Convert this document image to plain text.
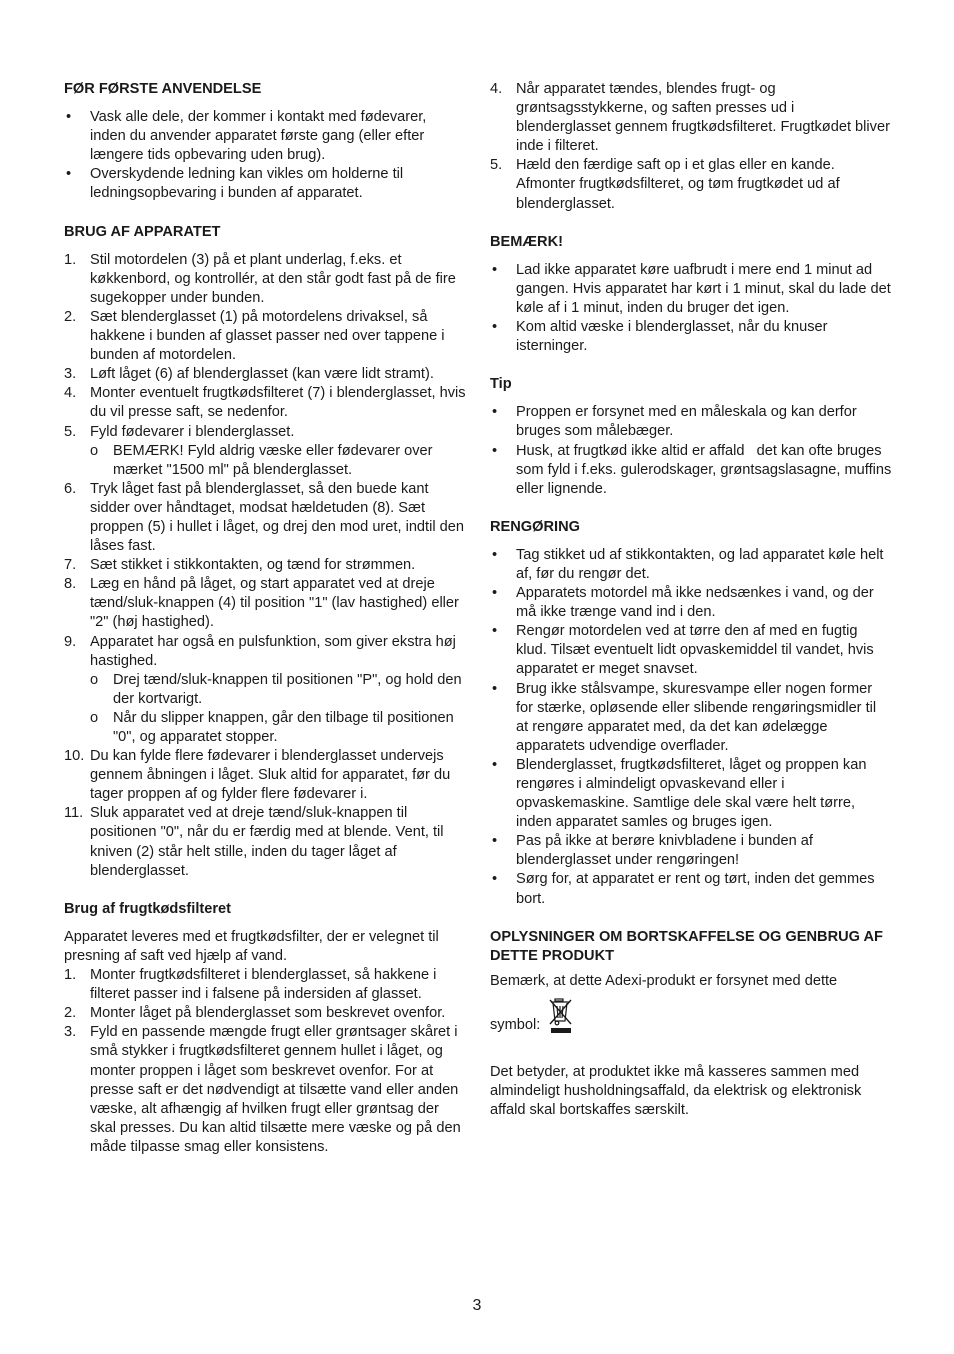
FØR FØRSTE ANVENDELSE

• Vask alle dele, der kommer i kontakt med fødevarer, inden du anvender apparatet første gang (eller efter længere tids opbevaring uden brug).

• Overskydende ledning kan vikles om holderne til ledningsopbevaring i bunden af apparatet.

BRUG AF APPARATET

1. Stil motordelen (3) på et plant underlag, f.eks. et køkkenbord, og kontrollér, at den står godt fast på de fire sugekopper under bunden.

2. Sæt blenderglasset (1) på motordelens drivaksel, så hakkene i bunden af glasset passer ned over tappene i bunden af motordelen.

3. Løft låget (6) af blenderglasset (kan være lidt stramt).

4. Monter eventuelt frugtkødsfilteret (7) i blenderglasset, hvis du vil presse saft, se nedenfor.

5. Fyld fødevarer i blenderglasset.

o BEMÆRK! Fyld aldrig væske eller fødevarer over mærket "1500 ml" på blenderglasset.

6. Tryk låget fast på blenderglasset, så den buede kant sidder over håndtaget, modsat hældetuden (8). Sæt proppen (5) i hullet i låget, og drej den mod uret, indtil den låses fast.

7. Sæt stikket i stikkontakten, og tænd for strømmen.

8. Læg en hånd på låget, og start apparatet ved at dreje tænd/sluk-knappen (4) til position "1" (lav hastighed) eller "2" (høj hastighed).

9. Apparatet har også en pulsfunktion, som giver ekstra høj hastighed.

o Drej tænd/sluk-knappen til positionen "P", og hold den der kortvarigt.

o Når du slipper knappen, går den tilbage til positionen "0", og apparatet stopper.

10. Du kan fylde flere fødevarer i blenderglasset undervejs gennem åbningen i låget. Sluk altid for apparatet, før du tager proppen af og fylder flere fødevarer i.

11. Sluk apparatet ved at dreje tænd/sluk-knappen til positionen "0", når du er færdig med at blende. Vent, til kniven (2) står helt stille, inden du tager låget af blenderglasset.

Brug af frugtkødsfilteret

Apparatet leveres med et frugtkødsfilter, der er velegnet til presning af saft ved hjælp af vand.

1. Monter frugtkødsfilteret i blenderglasset, så hakkene i filteret passer ind i falsene på indersiden af glasset.

2. Monter låget på blenderglasset som beskrevet ovenfor.

3. Fyld en passende mængde frugt eller grøntsager skåret i små stykker i frugtkødsfilteret gennem hullet i låget, og monter proppen i låget som beskrevet ovenfor. For at presse saft er det nødvendigt at tilsætte vand eller anden væske, alt afhængig af hvilken frugt eller grøntsag der skal presses. Du kan altid tilsætte mere væske og på den måde tilpasse smag eller konsistens.

4. Når apparatet tændes, blendes frugt- og grøntsagsstykkerne, og saften presses ud i blenderglasset gennem frugtkødsfilteret. Frugtkødet bliver inde i filteret.

5. Hæld den færdige saft op i et glas eller en kande. Afmonter frugtkødsfilteret, og tøm frugtkødet ud af blenderglasset.

BEMÆRK!

• Lad ikke apparatet køre uafbrudt i mere end 1 minut ad gangen. Hvis apparatet har kørt i 1 minut, skal du lade det køle af i 1 minut, inden du bruger det igen.

• Kom altid væske i blenderglasset, når du knuser isterninger.

Tip

• Proppen er forsynet med en måleskala og kan derfor bruges som målebæger.

• Husk, at frugtkød ikke altid er affald   det kan ofte bruges som fyld i f.eks. gulerodskager, grøntsagslasagne, muffins eller lignende.

RENGØRING

• Tag stikket ud af stikkontakten, og lad apparatet køle helt af, før du rengør det.

• Apparatets motordel må ikke nedsænkes i vand, og der må ikke trænge vand ind i den.

• Rengør motordelen ved at tørre den af med en fugtig klud. Tilsæt eventuelt lidt opvaskemiddel til vandet, hvis apparatet er meget snavset.

• Brug ikke stålsvampe, skuresvampe eller nogen former for stærke, opløsende eller slibende rengøringsmidler til at rengøre apparatet med, da det kan ødelægge apparatets udvendige overflader.

• Blenderglasset, frugtkødsfilteret, låget og proppen kan rengøres i almindeligt opvaskevand eller i opvaskemaskine. Samtlige dele skal være helt tørre, inden apparatet samles og bruges igen.

• Pas på ikke at berøre knivbladene i bunden af blenderglasset under rengøringen!

• Sørg for, at apparatet er rent og tørt, inden det gemmes bort.

OPLYSNINGER OM BORTSKAFFELSE OG GENBRUG AF DETTE PRODUKT

Bemærk, at dette Adexi-produkt er forsynet med dette

symbol:

Det betyder, at produktet ikke må kasseres sammen med almindeligt husholdningsaffald, da elektrisk og elektronisk affald skal bortskaffes særskilt.

3
